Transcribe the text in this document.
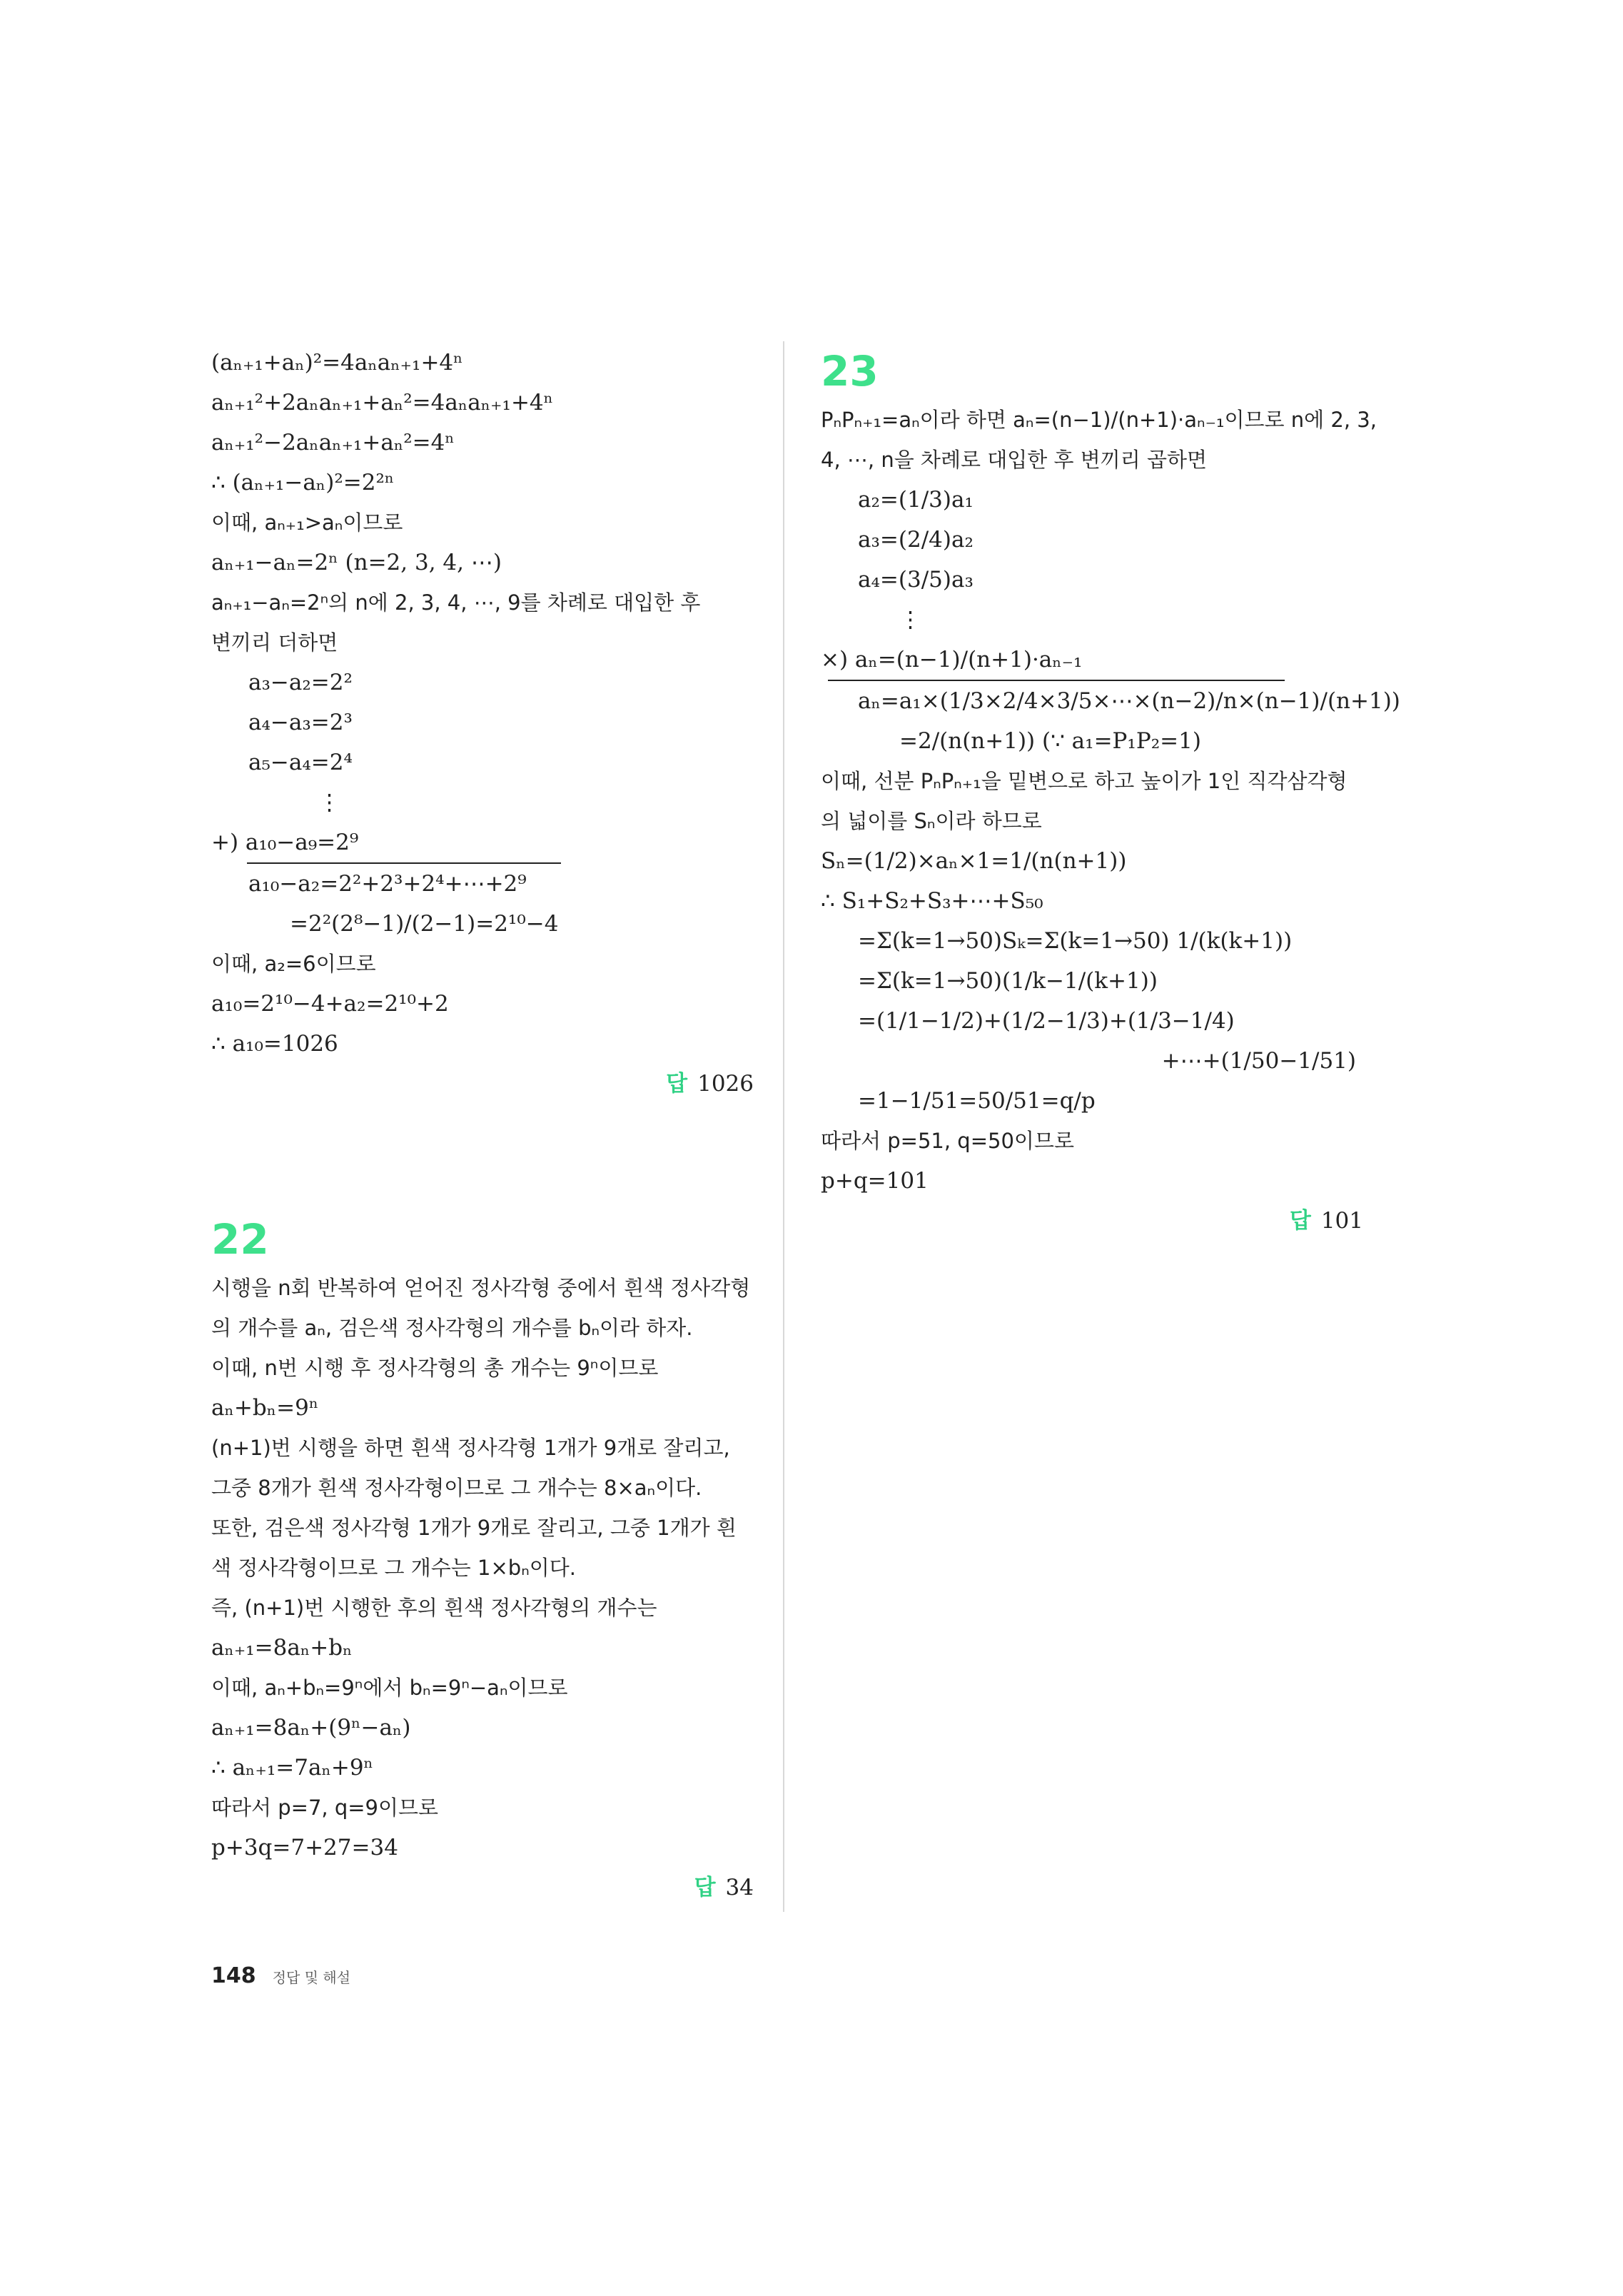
(aₙ₊₁+aₙ)²=4aₙaₙ₊₁+4ⁿ
aₙ₊₁²+2aₙaₙ₊₁+aₙ²=4aₙaₙ₊₁+4ⁿ
aₙ₊₁²−2aₙaₙ₊₁+aₙ²=4ⁿ
∴ (aₙ₊₁−aₙ)²=2²ⁿ
이때, aₙ₊₁>aₙ이므로
aₙ₊₁−aₙ=2ⁿ (n=2, 3, 4, ⋯)
aₙ₊₁−aₙ=2ⁿ의 n에 2, 3, 4, ⋯, 9를 차례로 대입한 후
변끼리 더하면
a₃−a₂=2²
a₄−a₃=2³
a₅−a₄=2⁴
⋮
+) a₁₀−a₉=2⁹
a₁₀−a₂=2²+2³+2⁴+⋯+2⁹
=2²(2⁸−1)/(2−1)=2¹⁰−4
이때, a₂=6이므로
a₁₀=2¹⁰−4+a₂=2¹⁰+2
∴ a₁₀=1026
답 1026
22
시행을 n회 반복하여 얻어진 정사각형 중에서 흰색 정사각형
의 개수를 aₙ, 검은색 정사각형의 개수를 bₙ이라 하자.
이때, n번 시행 후 정사각형의 총 개수는 9ⁿ이므로
aₙ+bₙ=9ⁿ
(n+1)번 시행을 하면 흰색 정사각형 1개가 9개로 잘리고,
그중 8개가 흰색 정사각형이므로 그 개수는 8×aₙ이다.
또한, 검은색 정사각형 1개가 9개로 잘리고, 그중 1개가 흰
색 정사각형이므로 그 개수는 1×bₙ이다.
즉, (n+1)번 시행한 후의 흰색 정사각형의 개수는
aₙ₊₁=8aₙ+bₙ
이때, aₙ+bₙ=9ⁿ에서 bₙ=9ⁿ−aₙ이므로
aₙ₊₁=8aₙ+(9ⁿ−aₙ)
∴ aₙ₊₁=7aₙ+9ⁿ
따라서 p=7, q=9이므로
p+3q=7+27=34
답 34
23
PₙPₙ₊₁=aₙ이라 하면 aₙ=(n−1)/(n+1)·aₙ₋₁이므로 n에 2, 3,
4, ⋯, n을 차례로 대입한 후 변끼리 곱하면
a₂=(1/3)a₁
a₃=(2/4)a₂
a₄=(3/5)a₃
⋮
×) aₙ=(n−1)/(n+1)·aₙ₋₁
aₙ=a₁×(1/3×2/4×3/5×⋯×(n−2)/n×(n−1)/(n+1))
=2/(n(n+1)) (∵ a₁=P₁P₂=1)
이때, 선분 PₙPₙ₊₁을 밑변으로 하고 높이가 1인 직각삼각형
의 넓이를 Sₙ이라 하므로
Sₙ=(1/2)×aₙ×1=1/(n(n+1))
∴ S₁+S₂+S₃+⋯+S₅₀
=Σ(k=1→50)Sₖ=Σ(k=1→50) 1/(k(k+1))
=Σ(k=1→50)(1/k−1/(k+1))
=(1/1−1/2)+(1/2−1/3)+(1/3−1/4)
+⋯+(1/50−1/51)
=1−1/51=50/51=q/p
따라서 p=51, q=50이므로
p+q=101
답 101
148 정답 및 해설
